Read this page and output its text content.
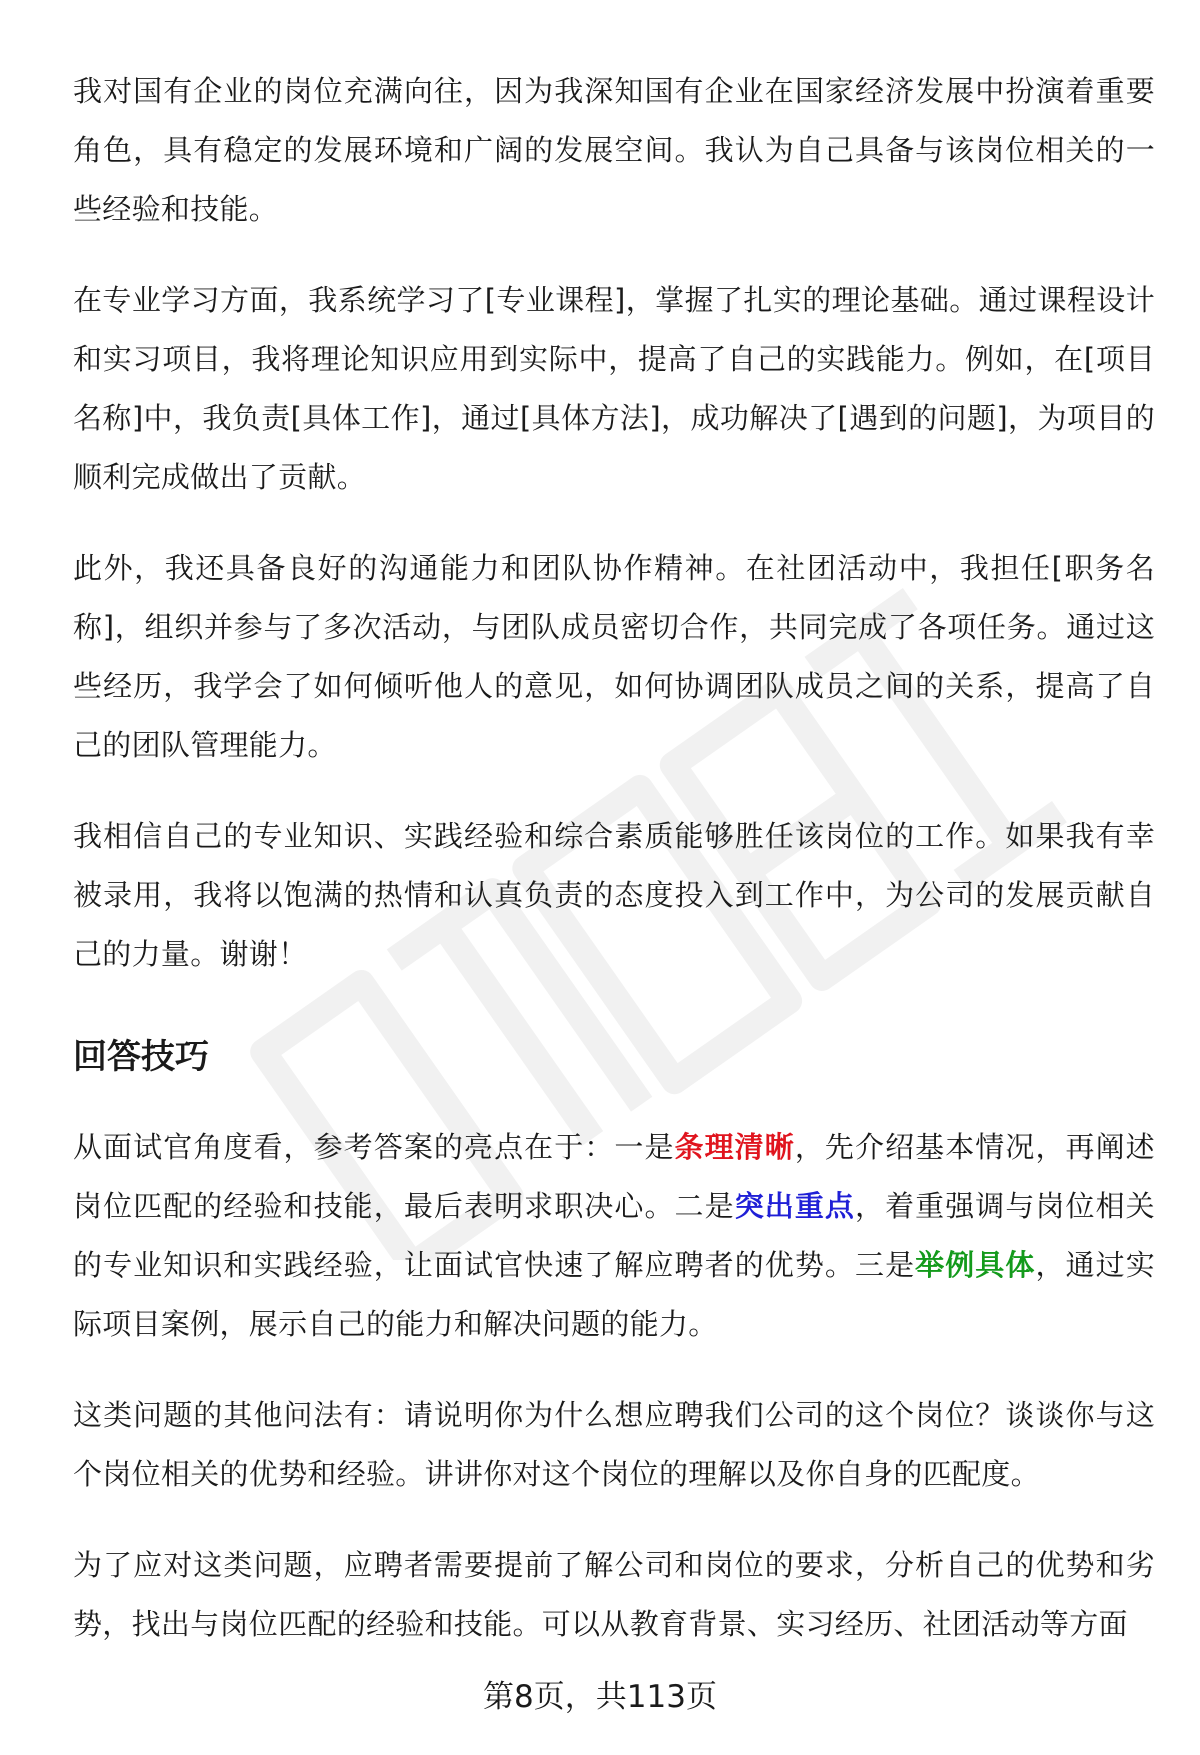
我对国有企业的岗位充满向往，因为我深知国有企业在国家经济发展中扮演着重要角色，具有稳定的发展环境和广阔的发展空间。我认为自己具备与该岗位相关的一些经验和技能。

在专业学习方面，我系统学习了[专业课程]，掌握了扎实的理论基础。通过课程设计和实习项目，我将理论知识应用到实际中，提高了自己的实践能力。例如，在[项目名称]中，我负责[具体工作]，通过[具体方法]，成功解决了[遇到的问题]，为项目的顺利完成做出了贡献。

此外，我还具备良好的沟通能力和团队协作精神。在社团活动中，我担任[职务名称]，组织并参与了多次活动，与团队成员密切合作，共同完成了各项任务。通过这些经历，我学会了如何倾听他人的意见，如何协调团队成员之间的关系，提高了自己的团队管理能力。

我相信自己的专业知识、实践经验和综合素质能够胜任该岗位的工作。如果我有幸被录用，我将以饱满的热情和认真负责的态度投入到工作中，为公司的发展贡献自己的力量。谢谢！

回答技巧

从面试官角度看，参考答案的亮点在于：一是条理清晰，先介绍基本情况，再阐述岗位匹配的经验和技能，最后表明求职决心。二是突出重点，着重强调与岗位相关的专业知识和实践经验，让面试官快速了解应聘者的优势。三是举例具体，通过实际项目案例，展示自己的能力和解决问题的能力。

这类问题的其他问法有：请说明你为什么想应聘我们公司的这个岗位？谈谈你与这个岗位相关的优势和经验。讲讲你对这个岗位的理解以及你自身的匹配度。

为了应对这类问题，应聘者需要提前了解公司和岗位的要求，分析自己的优势和劣势，找出与岗位匹配的经验和技能。可以从教育背景、实习经历、社团活动等方面

第8页，共113页
